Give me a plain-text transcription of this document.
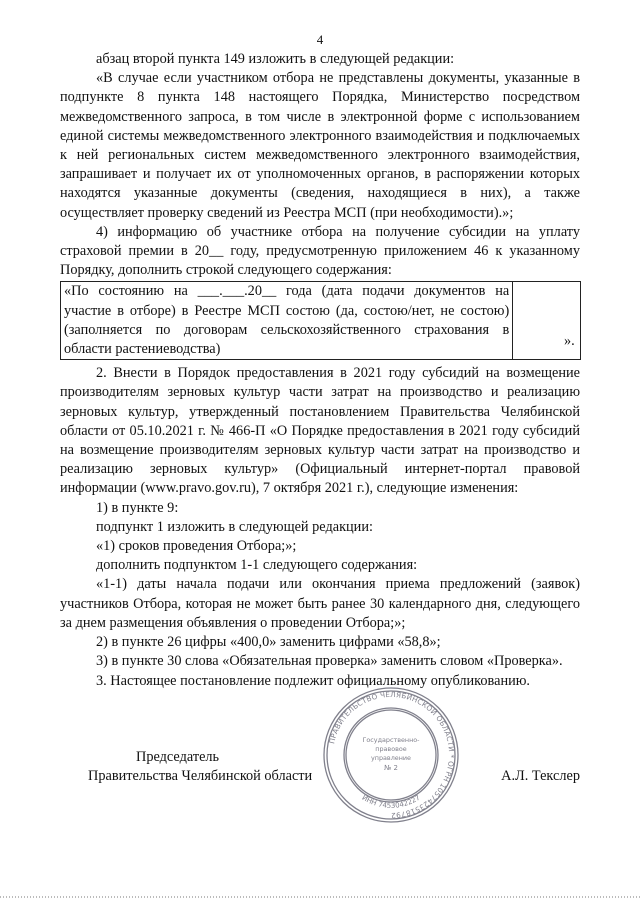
4

абзац второй пункта 149 изложить в следующей редакции:

«В случае если участником отбора не представлены документы, указанные в подпункте 8 пункта 148 настоящего Порядка, Министерство посредством межведомственного запроса, в том числе в электронной форме с использованием единой системы межведомственного электронного взаимодействия и подключаемых к ней региональных систем межведомственного электронного взаимодействия, запрашивает и получает их от уполномоченных органов, в распоряжении которых находятся указанные документы (сведения, находящиеся в них), а также осуществляет проверку сведений из Реестра МСП (при необходимости).»;

4) информацию об участнике отбора на получение субсидии на уплату страховой премии в 20__ году, предусмотренную приложением 46 к указанному Порядку, дополнить строкой следующего содержания:

«По состоянию на ___.___.20__ года (дата подачи документов на участие в отборе) в Реестре МСП состою (да, состою/нет, не состою) (заполняется по договорам сельскохозяйственного страхования в области растениеводства)	
».

2. Внести в Порядок предоставления в 2021 году субсидий на возмещение производителям зерновых культур части затрат на производство и реализацию зерновых культур, утвержденный постановлением Правительства Челябинской области от 05.10.2021 г. № 466-П «О Порядке предоставления в 2021 году субсидий на возмещение производителям зерновых культур части затрат на производство и реализацию зерновых культур» (Официальный интернет-портал правовой информации (www.pravo.gov.ru), 7 октября 2021 г.), следующие изменения:

1) в пункте 9:

подпункт 1 изложить в следующей редакции:

«1) сроков проведения Отбора;»;

дополнить подпунктом 1-1 следующего содержания:

«1-1) даты начала подачи или окончания приема предложений (заявок) участников Отбора, которая не может быть ранее 30 календарного дня, следующего за днем размещения объявления о проведении Отбора;»;

2) в пункте 26 цифры «400,0» заменить цифрами «58,8»;

3) в пункте 30 слова «Обязательная проверка» заменить словом «Проверка».

3. Настоящее постановление подлежит официальному опубликованию.

Председатель
Правительства Челябинской области	А.Л. Текслер
ПРАВИТЕЛЬСТВО ЧЕЛЯБИНСКОЙ ОБЛАСТИ * ОГРН 1057423518792
ИНН 7453042227
Государственно-
правовое
управление
№ 2
